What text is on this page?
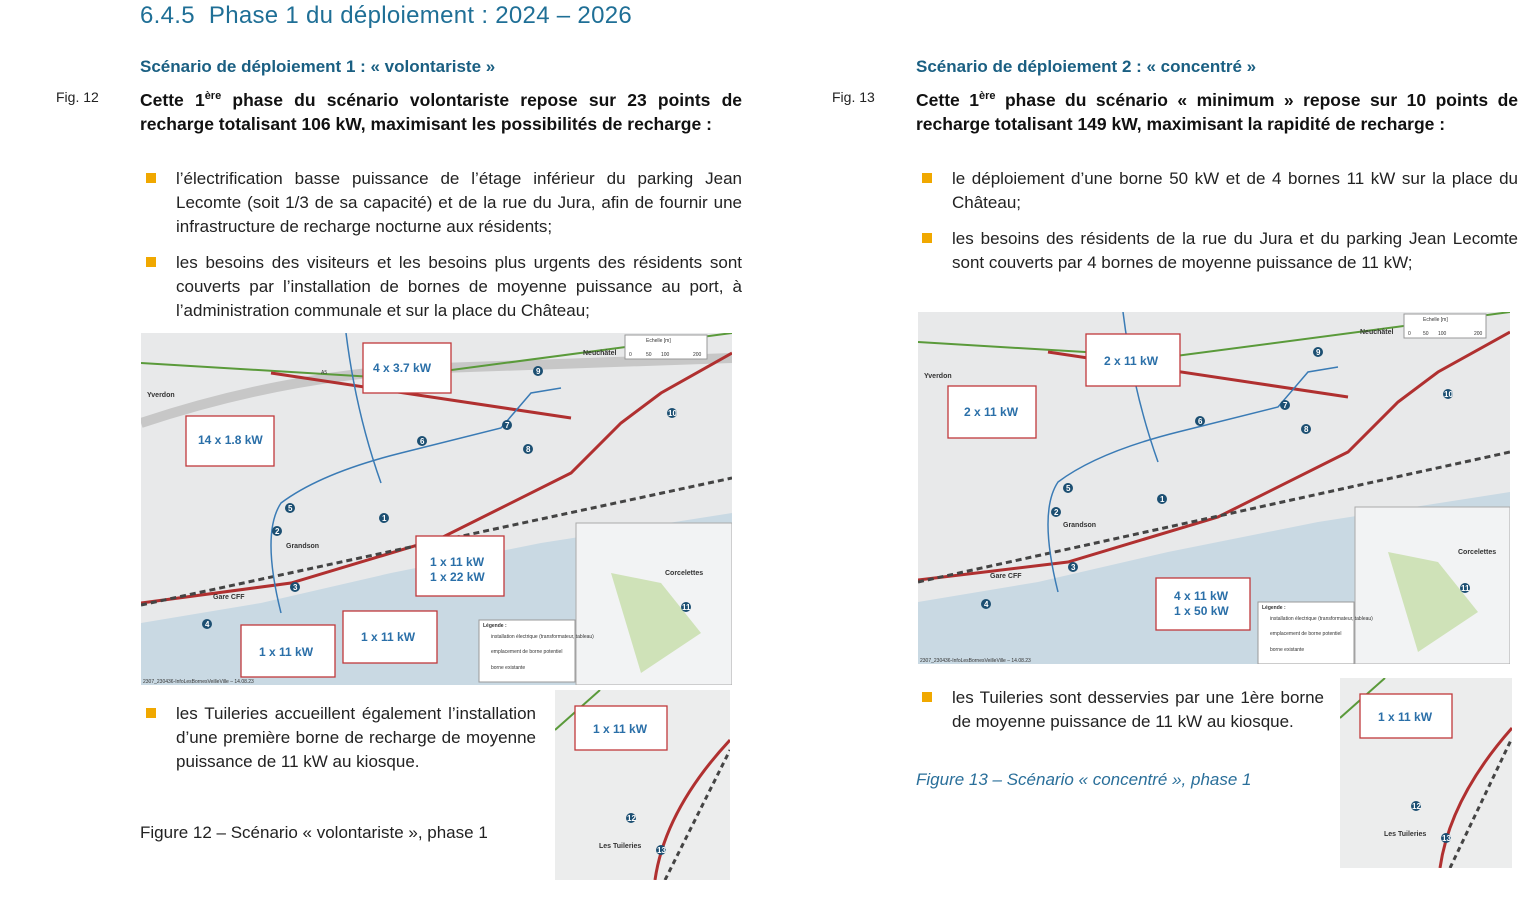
6.4.5 Phase 1 du déploiement : 2024 – 2026
Scénario de déploiement 1 : « volontariste »
Fig. 12 Cette 1ère phase du scénario volontariste repose sur 23 points de recharge totalisant 106 kW, maximisant les possibilités de recharge :
l’électrification basse puissance de l’étage inférieur du parking Jean Lecomte (soit 1/3 de sa capacité) et de la rue du Jura, afin de fournir une infrastructure de recharge nocturne aux résidents;
les besoins des visiteurs et les besoins plus urgents des résidents sont couverts par l’installation de bornes de moyenne puissance au port, à l’administration communale et sur la place du Château;
4 x 3.7 kW
14 x 1.8 kW
1 x 11 kW
1 x 22 kW
1 x 11 kW
1 x 11 kW
Yverdon
Neuchâtel
Grandson
Gare CFF
Corcelettes
A5
Echelle [m]
0	50 100	200
Légende :
installation électrique (transformateur, tableau)
emplacement de borne potentiel
borne existante
2307_230436-InfoLesBornesVeilleVille – 14.08.23
1
2
3
4
5
6
7
8
9
10
11
les Tuileries accueillent également l’installation d’une première borne de recharge de moyenne puissance de 11 kW au kiosque.
Figure 12 – Scénario « volontariste », phase 1
1 x 11 kW
12
13
Les Tuileries
Scénario de déploiement 2 : « concentré »
Fig. 13 Cette 1ère phase du scénario « minimum » repose sur 10 points de recharge totalisant 149 kW, maximisant la rapidité de recharge :
le déploiement d’une borne 50 kW et de 4 bornes 11 kW sur la place du Château;
les besoins des résidents de la rue du Jura et du parking Jean Lecomte sont couverts par 4 bornes de moyenne puissance de 11 kW;
2 x 11 kW
2 x 11 kW
4 x 11 kW
1 x 50 kW
Yverdon
Neuchâtel
Grandson
Gare CFF
Corcelettes
Echelle [m]
0 50 100	200
Légende :
installation électrique (transformateur, tableau)
emplacement de borne potentiel
borne existante
2307_230436-InfoLesBornesVeilleVille – 14.08.23
1
2
3
4
5
6
7
8
9
10
11
les Tuileries sont desservies par une 1ère borne de moyenne puissance de 11 kW au kiosque.
Figure 13 – Scénario « concentré », phase 1
1 x 11 kW
12
13
Les Tuileries
